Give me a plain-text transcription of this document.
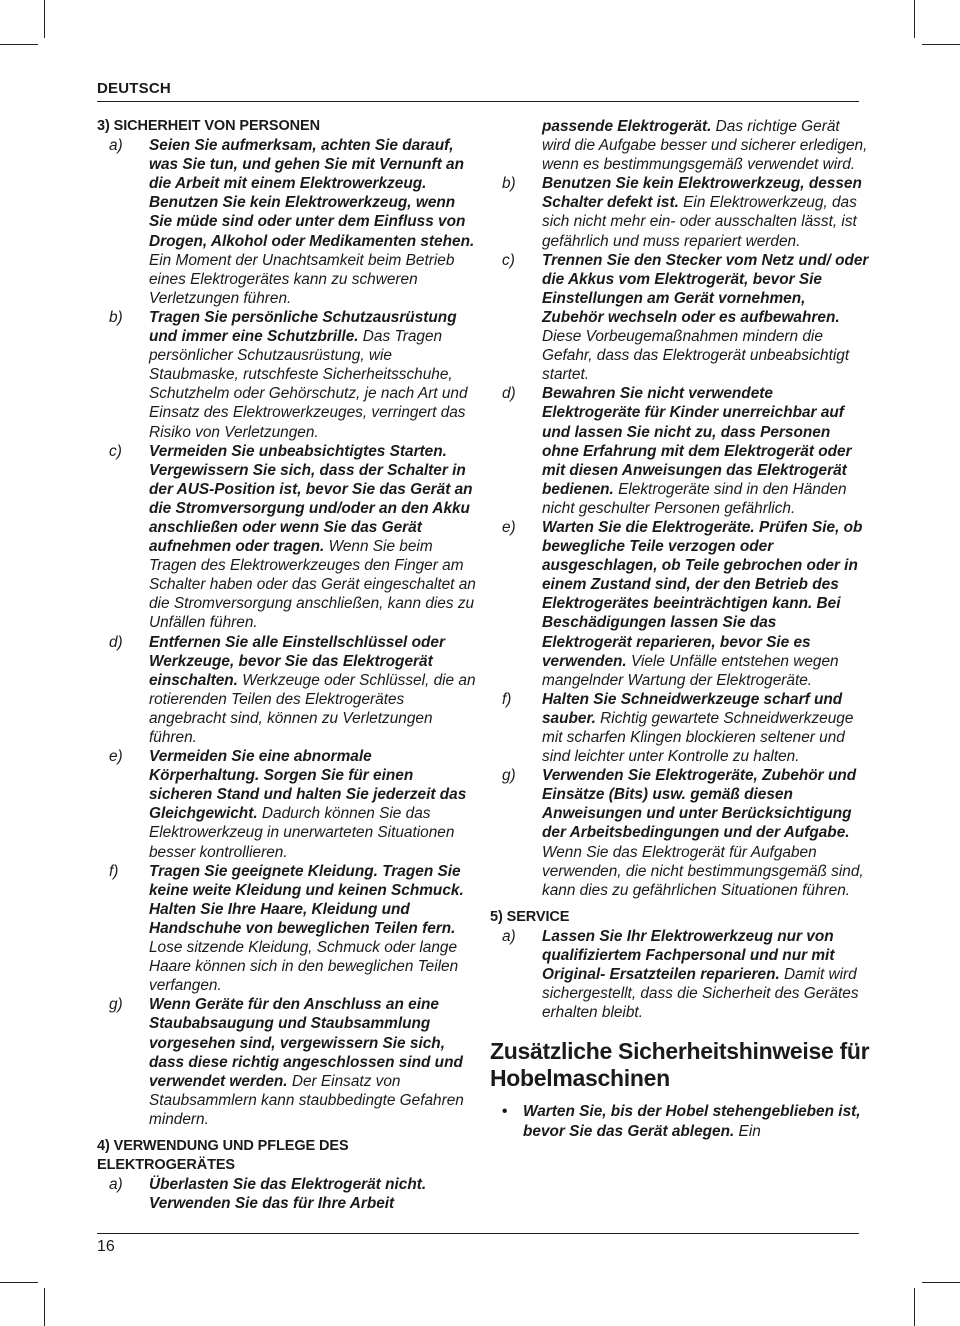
DEUTSCH

3) SICHERHEIT VON PERSONEN

a) Seien Sie aufmerksam, achten Sie darauf, was Sie tun, und gehen Sie mit Vernunft an die Arbeit mit einem Elektrowerkzeug. Benutzen Sie kein Elektrowerkzeug, wenn Sie müde sind oder unter dem Einfluss von Drogen, Alkohol oder Medikamenten stehen. Ein Moment der Unachtsamkeit beim Betrieb eines Elektrogerätes kann zu schweren Verletzungen führen.
b) Tragen Sie persönliche Schutzausrüstung und immer eine Schutzbrille. Das Tragen persönlicher Schutzausrüstung, wie Staubmaske, rutschfeste Sicherheitsschuhe, Schutzhelm oder Gehörschutz, je nach Art und Einsatz des Elektrowerkzeuges, verringert das Risiko von Verletzungen.
c) Vermeiden Sie unbeabsichtigtes Starten. Vergewissern Sie sich, dass der Schalter in der AUS-Position ist, bevor Sie das Gerät an die Stromversorgung und/oder an den Akku anschließen oder wenn Sie das Gerät aufnehmen oder tragen. Wenn Sie beim Tragen des Elektrowerkzeuges den Finger am Schalter haben oder das Gerät eingeschaltet an die Stromversorgung anschließen, kann dies zu Unfällen führen.
d) Entfernen Sie alle Einstellschlüssel oder Werkzeuge, bevor Sie das Elektrogerät einschalten. Werkzeuge oder Schlüssel, die an rotierenden Teilen des Elektrogerätes angebracht sind, können zu Verletzungen führen.
e) Vermeiden Sie eine abnormale Körperhaltung. Sorgen Sie für einen sicheren Stand und halten Sie jederzeit das Gleichgewicht. Dadurch können Sie das Elektrowerkzeug in unerwarteten Situationen besser kontrollieren.
f) Tragen Sie geeignete Kleidung. Tragen Sie keine weite Kleidung und keinen Schmuck. Halten Sie Ihre Haare, Kleidung und Handschuhe von beweglichen Teilen fern. Lose sitzende Kleidung, Schmuck oder lange Haare können sich in den beweglichen Teilen verfangen.
g) Wenn Geräte für den Anschluss an eine Staubabsaugung und Staubsammlung vorgesehen sind, vergewissern Sie sich, dass diese richtig angeschlossen sind und verwendet werden. Der Einsatz von Staubsammlern kann staubbedingte Gefahren mindern.

4) VERWENDUNG UND PFLEGE DES ELEKTROGERÄTES

a) Überlasten Sie das Elektrogerät nicht. Verwenden Sie das für Ihre Arbeit
passende Elektrogerät. Das richtige Gerät wird die Aufgabe besser und sicherer erledigen, wenn es bestimmungsgemäß verwendet wird.
b) Benutzen Sie kein Elektrowerkzeug, dessen Schalter defekt ist. Ein Elektrowerkzeug, das sich nicht mehr ein- oder ausschalten lässt, ist gefährlich und muss repariert werden.
c) Trennen Sie den Stecker vom Netz und/ oder die Akkus vom Elektrogerät, bevor Sie Einstellungen am Gerät vornehmen, Zubehör wechseln oder es aufbewahren. Diese Vorbeugemaßnahmen mindern die Gefahr, dass das Elektrogerät unbeabsichtigt startet.
d) Bewahren Sie nicht verwendete Elektrogeräte für Kinder unerreichbar auf und lassen Sie nicht zu, dass Personen ohne Erfahrung mit dem Elektrogerät oder mit diesen Anweisungen das Elektrogerät bedienen. Elektrogeräte sind in den Händen nicht geschulter Personen gefährlich.
e) Warten Sie die Elektrogeräte. Prüfen Sie, ob bewegliche Teile verzogen oder ausgeschlagen, ob Teile gebrochen oder in einem Zustand sind, der den Betrieb des Elektrogerätes beeinträchtigen kann. Bei Beschädigungen lassen Sie das Elektrogerät reparieren, bevor Sie es verwenden. Viele Unfälle entstehen wegen mangelnder Wartung der Elektrogeräte.
f) Halten Sie Schneidwerkzeuge scharf und sauber. Richtig gewartete Schneidwerkzeuge mit scharfen Klingen blockieren seltener und sind leichter unter Kontrolle zu halten.
g) Verwenden Sie Elektrogeräte, Zubehör und Einsätze (Bits) usw. gemäß diesen Anweisungen und unter Berücksichtigung der Arbeitsbedingungen und der Aufgabe. Wenn Sie das Elektrogerät für Aufgaben verwenden, die nicht bestimmungsgemäß sind, kann dies zu gefährlichen Situationen führen.

5) SERVICE

a) Lassen Sie Ihr Elektrowerkzeug nur von qualifiziertem Fachpersonal und nur mit Original- Ersatzteilen reparieren. Damit wird sichergestellt, dass die Sicherheit des Gerätes erhalten bleibt.
Zusätzliche Sicherheitshinweise für Hobelmaschinen
• Warten Sie, bis der Hobel stehengeblieben ist, bevor Sie das Gerät ablegen. Ein
16
